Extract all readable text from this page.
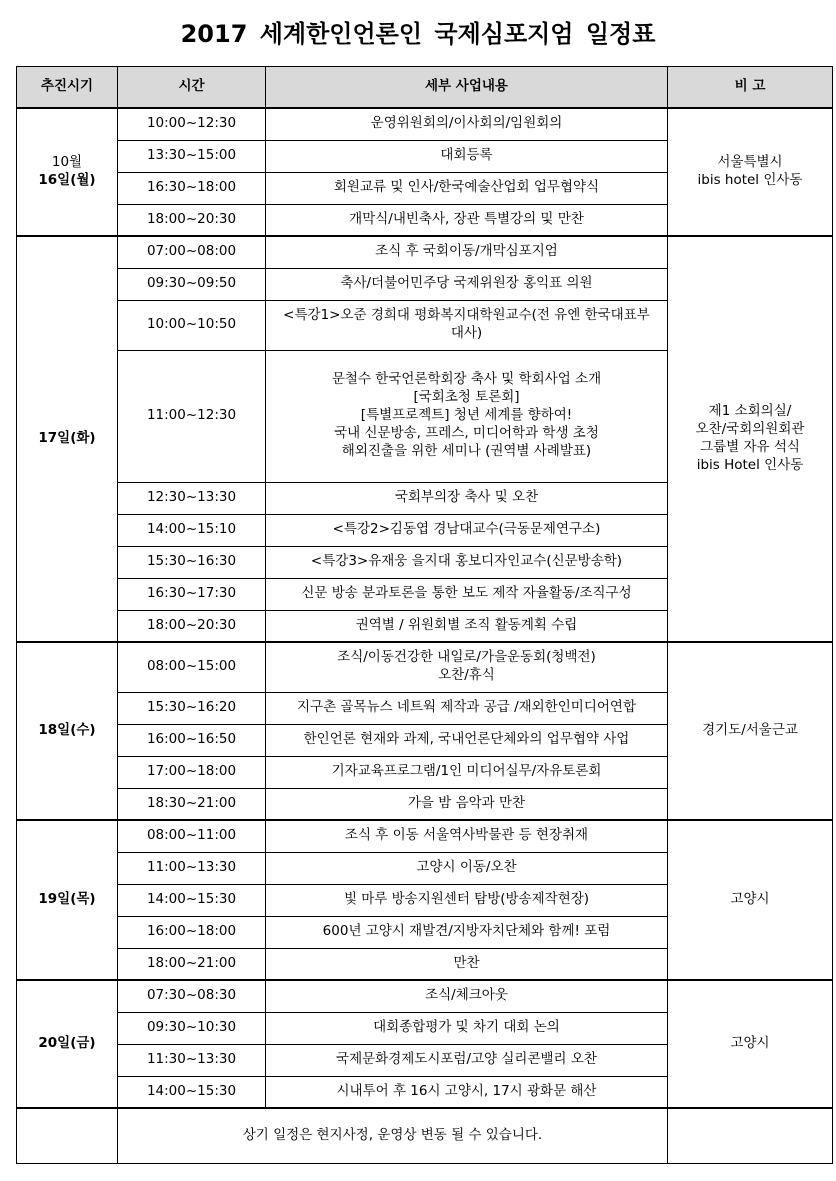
2017 세계한인언론인 국제심포지엄 일정표
추진시기	시간	세부 사업내용	비 고

10월
16일(월)	10:00~12:30	운영위원회의/이사회의/임원회의	서울특별시
ibis hotel 인사동

	13:30~15:00	대회등록	

	16:30~18:00	회원교류 및 인사/한국예술산업회 업무협약식	

	18:00~20:30	개막식/내빈축사, 장관 특별강의 및 만찬	

17일(화)	07:00~08:00	조식 후 국회이동/개막심포지엄	제1 소회의실/
오찬/국회의원회관
그룹별 자유 석식
ibis Hotel 인사동

	09:30~09:50	축사/더불어민주당 국제위원장 홍익표 의원	

	10:00~10:50	<특강1>오준 경희대 평화복지대학원교수(전 유엔 한국대표부
대사)	

	11:00~12:30	문철수 한국언론학회장 축사 및 학회사업 소개
[국회초청 토론회]
[특별프로젝트] 청년 세계를 향하여!
국내 신문방송, 프레스, 미디어학과 학생 초청
해외진출을 위한 세미나 (권역별 사례발표)	

	12:30~13:30	국회부의장 축사 및 오찬	

	14:00~15:10	<특강2>김동엽 경남대교수(극동문제연구소)	

	15:30~16:30	<특강3>유재웅 을지대 홍보디자인교수(신문방송학)	

	16:30~17:30	신문 방송 분과토론을 통한 보도 제작 자율활동/조직구성	

	18:00~20:30	권역별 / 위원회별 조직 활동계획 수립	

18일(수)	08:00~15:00	조식/이동건강한 내일로/가을운동회(청백전)
오찬/휴식	경기도/서울근교

	15:30~16:20	지구촌 골목뉴스 네트웍 제작과 공급 /재외한인미디어연합	

	16:00~16:50	한인언론 현재와 과제, 국내언론단체와의 업무협약 사업	

	17:00~18:00	기자교육프로그램/1인 미디어실무/자유토론회	

	18:30~21:00	가을 밤 음악과 만찬	

19일(목)	08:00~11:00	조식 후 이동 서울역사박물관 등 현장취재	고양시

	11:00~13:30	고양시 이동/오찬	

	14:00~15:30	빛 마루 방송지원센터 탐방(방송제작현장)	

	16:00~18:00	600년 고양시 재발견/지방자치단체와 함께! 포럼	

	18:00~21:00	만찬	

20일(금)	07:30~08:30	조식/체크아웃	고양시

	09:30~10:30	대회종합평가 및 차기 대회 논의	

	11:30~13:30	국제문화경제도시포럼/고양 실리콘밸리 오찬	

	14:00~15:30	시내투어 후 16시 고양시, 17시 광화문 해산	

	상기 일정은 현지사정, 운영상 변동 될 수 있습니다.		
